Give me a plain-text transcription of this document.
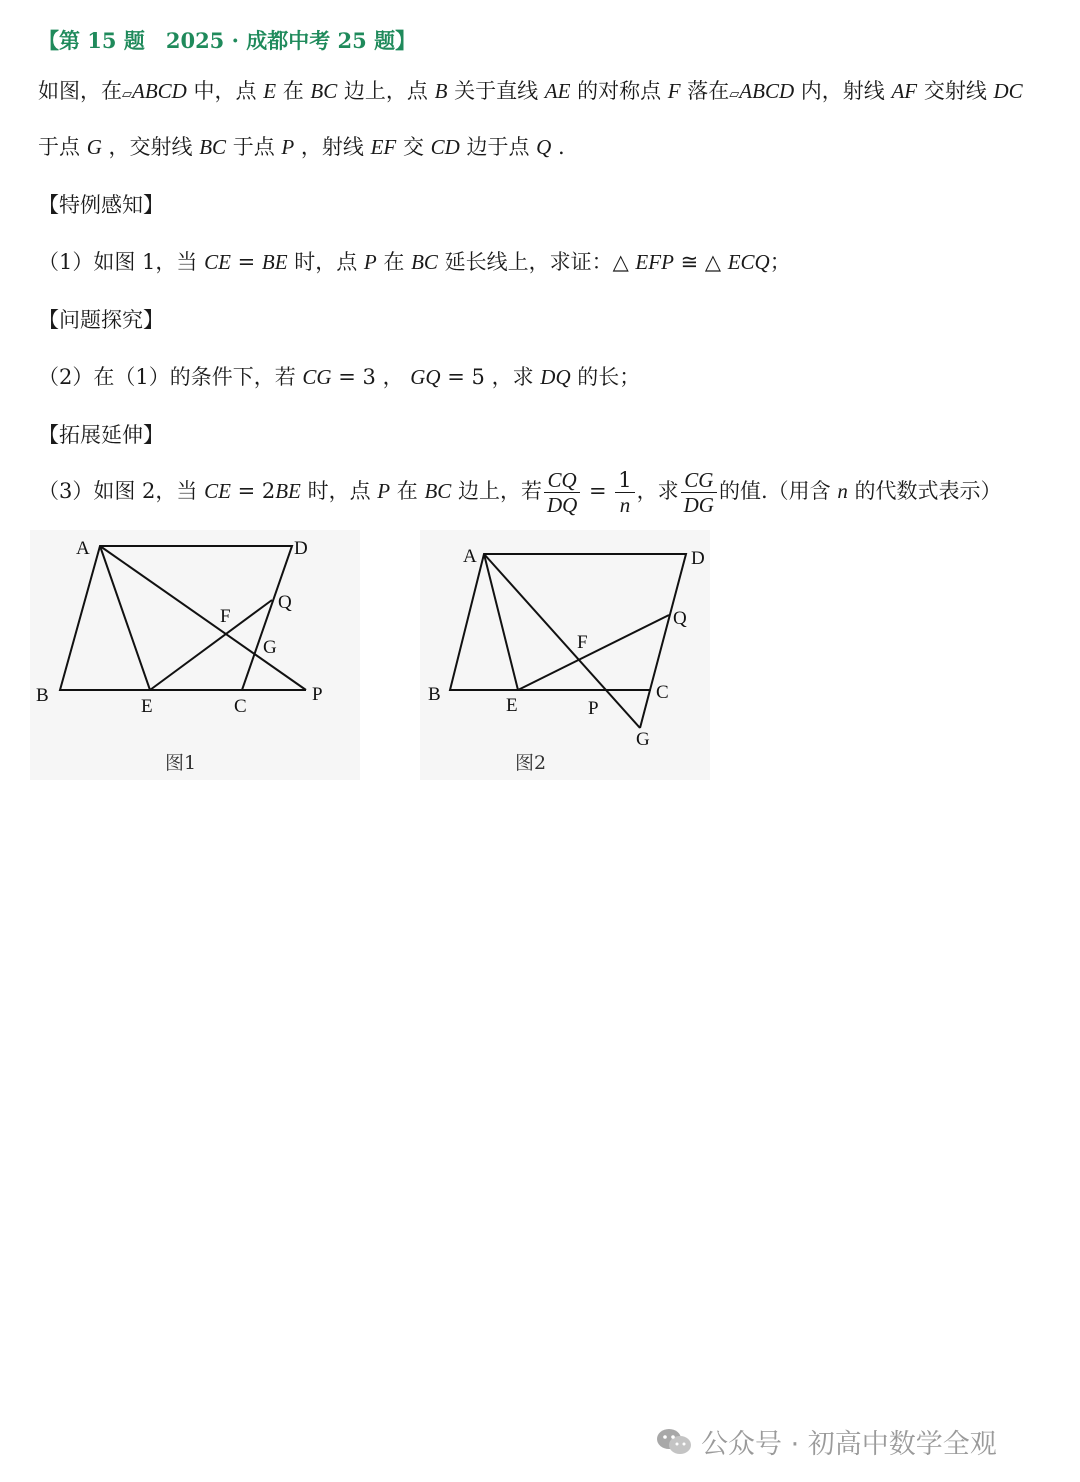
【第 15 题　2025 · 成都中考 25 题】
如图，在▱ABCD 中，点 E 在 BC 边上，点 B 关于直线 AE 的对称点 F 落在▱ABCD 内，射线 AF 交射线 DC
于点 G ，交射线 BC 于点 P ，射线 EF 交 CD 边于点 Q .
【特例感知】
（1）如图 1，当 CE = BE 时，点 P 在 BC 延长线上，求证：△ EFP ≅ △ ECQ；
【问题探究】
（2）在（1）的条件下，若 CG = 3 ， GQ = 5 ，求 DQ 的长；
【拓展延伸】
（3）如图 2，当 CE = 2BE 时，点 P 在 BC 边上，若 $\frac{CQ}{DQ} = \frac{1}{n}$ ，求 $\frac{CG}{DG}$ 的值.（用含 n 的代数式表示）
A	D
B
E	C
P
F
Q
G
图1
A	D
B
E
C
P
F
Q
G
图2
公众号 · 初高中数学全观
